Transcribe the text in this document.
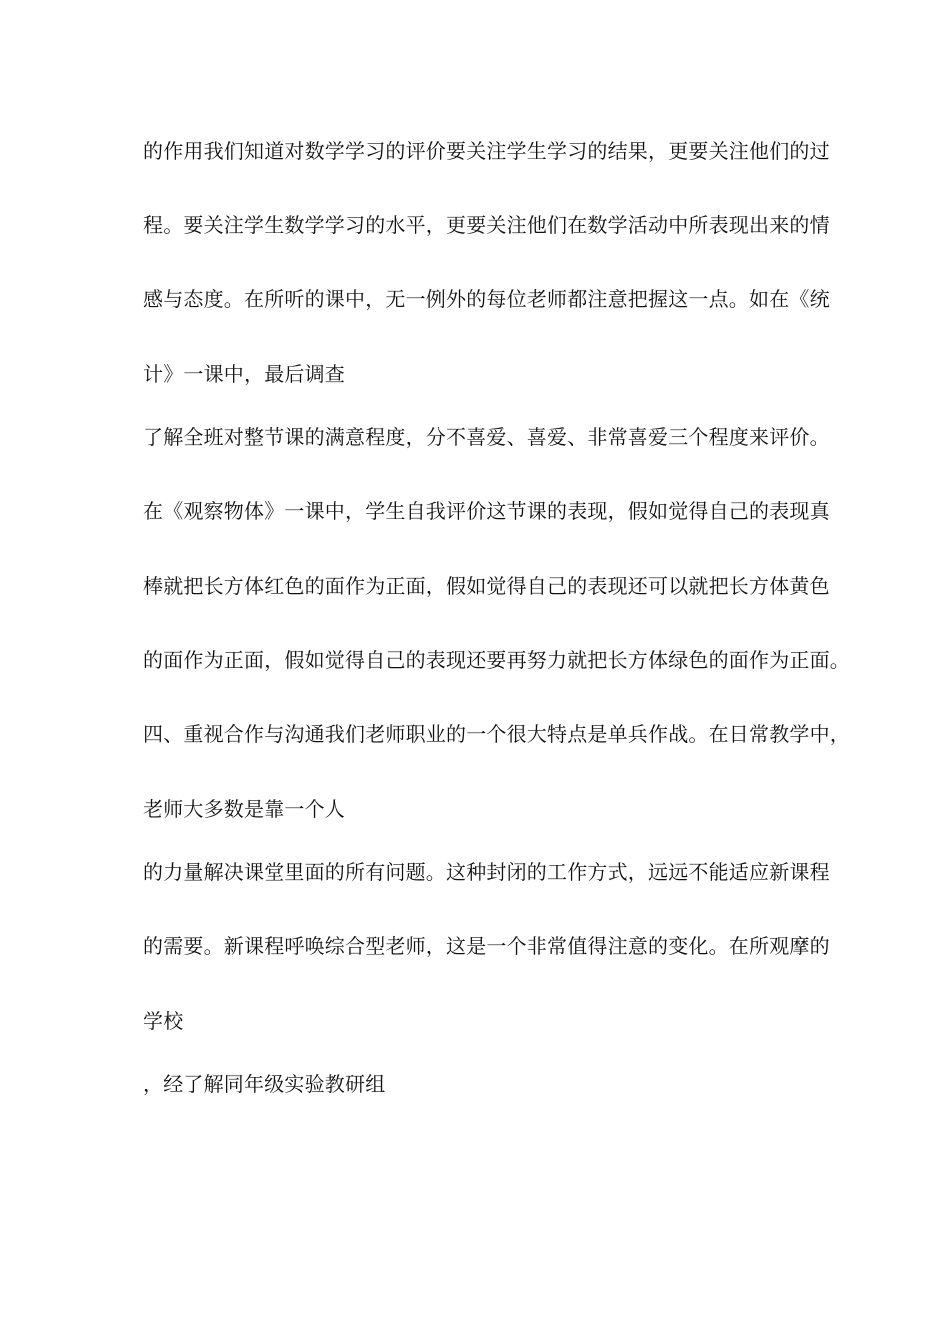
的作用我们知道对数学学习的评价要关注学生学习的结果，更要关注他们的过
程。要关注学生数学学习的水平，更要关注他们在数学活动中所表现出来的情
感与态度。在所听的课中，无一例外的每位老师都注意把握这一点。如在《统
计》一课中，最后调查
了解全班对整节课的满意程度，分不喜爱、喜爱、非常喜爱三个程度来评价。
在《观察物体》一课中，学生自我评价这节课的表现，假如觉得自己的表现真
棒就把长方体红色的面作为正面，假如觉得自己的表现还可以就把长方体黄色
的面作为正面，假如觉得自己的表现还要再努力就把长方体绿色的面作为正面。
四、重视合作与沟通我们老师职业的一个很大特点是单兵作战。在日常教学中，
老师大多数是靠一个人
的力量解决课堂里面的所有问题。这种封闭的工作方式，远远不能适应新课程
的需要。新课程呼唤综合型老师，这是一个非常值得注意的变化。在所观摩的
学校
，经了解同年级实验教研组
